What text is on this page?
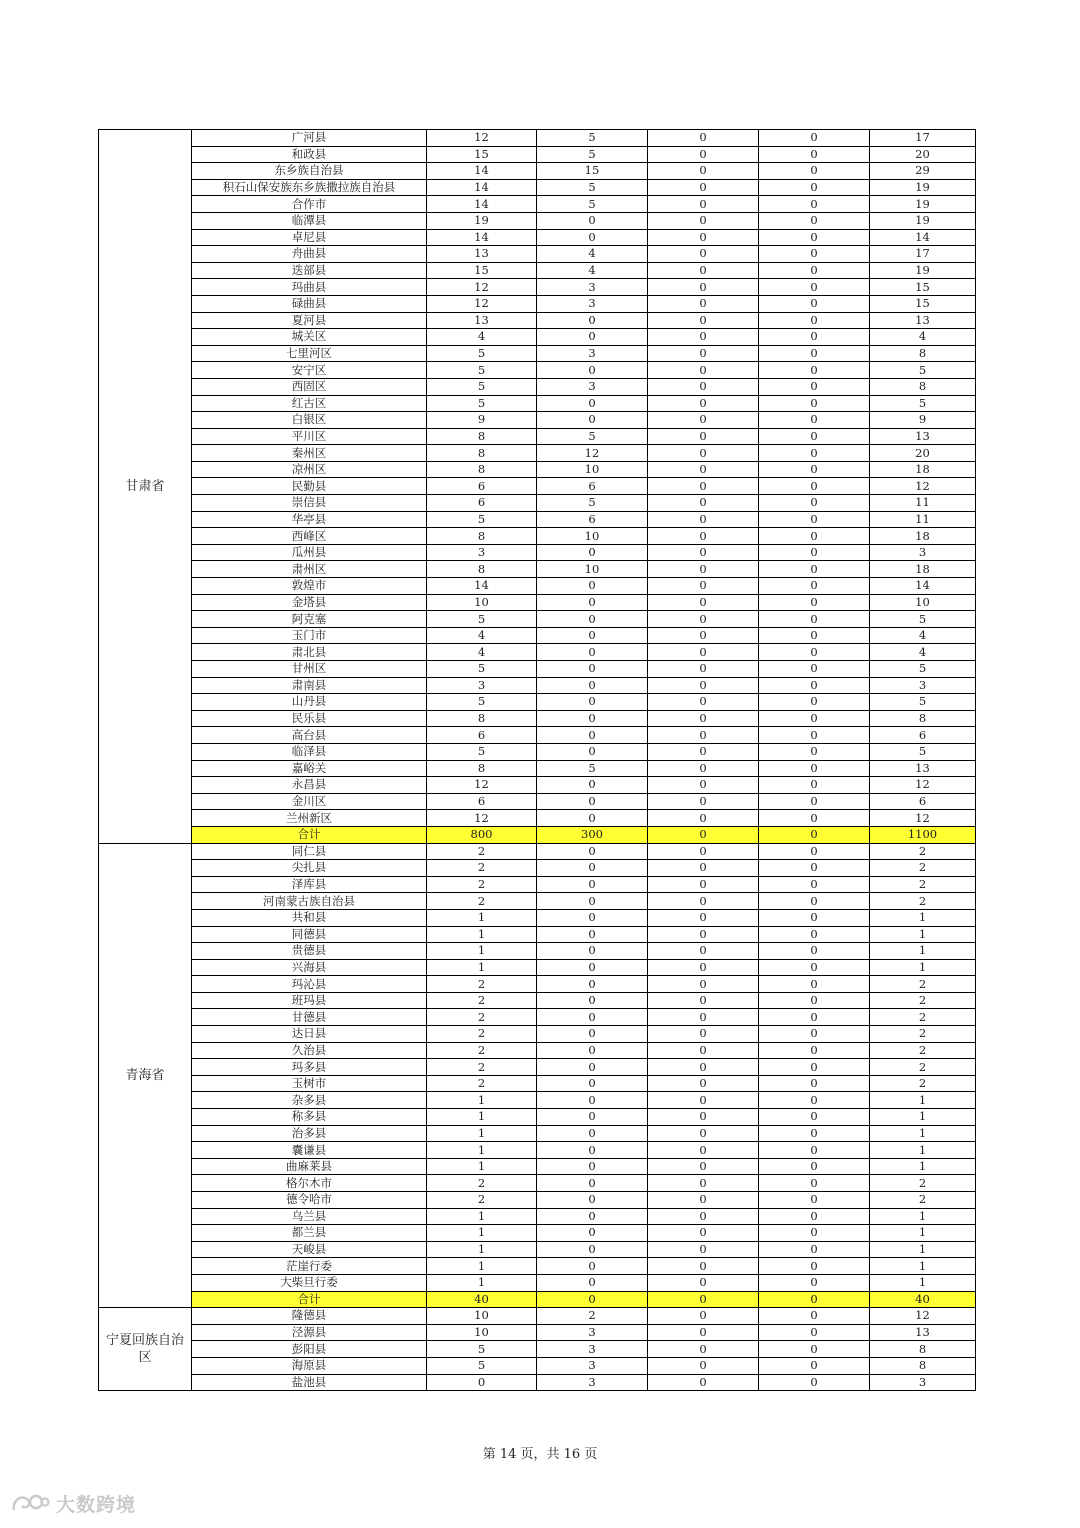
甘肃省	广河县	12	5	0	0	17
	和政县	15	5	0	0	20
	东乡族自治县	14	15	0	0	29
	积石山保安族东乡族撒拉族自治县	14	5	0	0	19
	合作市	14	5	0	0	19
	临潭县	19	0	0	0	19
	卓尼县	14	0	0	0	14
	舟曲县	13	4	0	0	17
	迭部县	15	4	0	0	19
	玛曲县	12	3	0	0	15
	碌曲县	12	3	0	0	15
	夏河县	13	0	0	0	13
	城关区	4	0	0	0	4
	七里河区	5	3	0	0	8
	安宁区	5	0	0	0	5
	西固区	5	3	0	0	8
	红古区	5	0	0	0	5
	白银区	9	0	0	0	9
	平川区	8	5	0	0	13
	秦州区	8	12	0	0	20
	凉州区	8	10	0	0	18
	民勤县	6	6	0	0	12
	崇信县	6	5	0	0	11
	华亭县	5	6	0	0	11
	西峰区	8	10	0	0	18
	瓜州县	3	0	0	0	3
	肃州区	8	10	0	0	18
	敦煌市	14	0	0	0	14
	金塔县	10	0	0	0	10
	阿克塞	5	0	0	0	5
	玉门市	4	0	0	0	4
	肃北县	4	0	0	0	4
	甘州区	5	0	0	0	5
	肃南县	3	0	0	0	3
	山丹县	5	0	0	0	5
	民乐县	8	0	0	0	8
	高台县	6	0	0	0	6
	临泽县	5	0	0	0	5
	嘉峪关	8	5	0	0	13
	永昌县	12	0	0	0	12
	金川区	6	0	0	0	6
	兰州新区	12	0	0	0	12
	合计	800	300	0	0	1100
青海省	同仁县	2	0	0	0	2
	尖扎县	2	0	0	0	2
	泽库县	2	0	0	0	2
	河南蒙古族自治县	2	0	0	0	2
	共和县	1	0	0	0	1
	同德县	1	0	0	0	1
	贵德县	1	0	0	0	1
	兴海县	1	0	0	0	1
	玛沁县	2	0	0	0	2
	班玛县	2	0	0	0	2
	甘德县	2	0	0	0	2
	达日县	2	0	0	0	2
	久治县	2	0	0	0	2
	玛多县	2	0	0	0	2
	玉树市	2	0	0	0	2
	杂多县	1	0	0	0	1
	称多县	1	0	0	0	1
	治多县	1	0	0	0	1
	囊谦县	1	0	0	0	1
	曲麻莱县	1	0	0	0	1
	格尔木市	2	0	0	0	2
	德令哈市	2	0	0	0	2
	乌兰县	1	0	0	0	1
	都兰县	1	0	0	0	1
	天峻县	1	0	0	0	1
	茫崖行委	1	0	0	0	1
	大柴旦行委	1	0	0	0	1
	合计	40	0	0	0	40
宁夏回族自治区	隆德县	10	2	0	0	12
	泾源县	10	3	0	0	13
	彭阳县	5	3	0	0	8
	海原县	5	3	0	0	8
	盐池县	0	3	0	0	3
第 14 页，共 16 页
大数跨境
